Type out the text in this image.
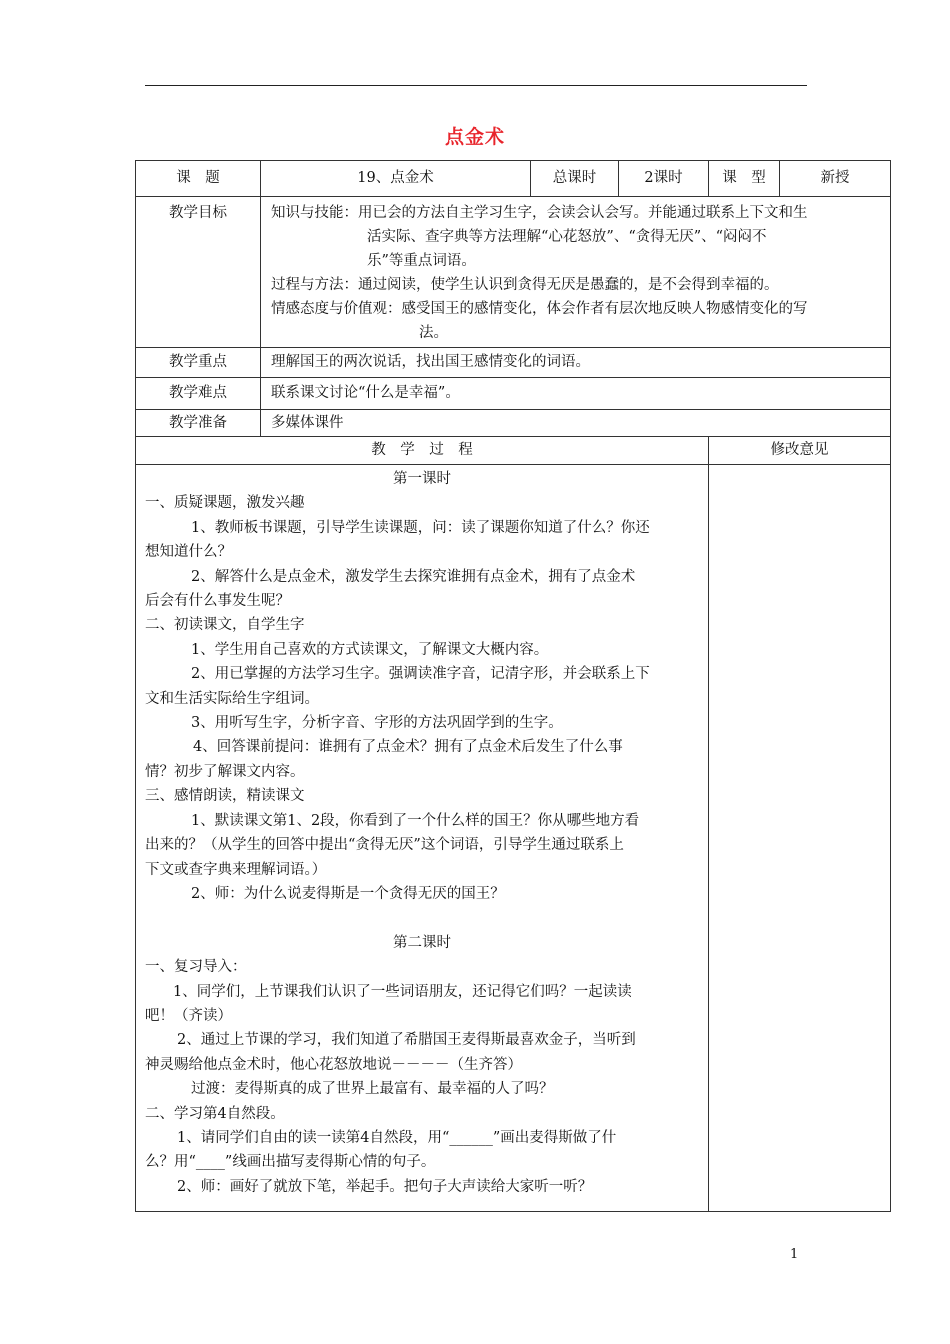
点金术
课　题	19、点金术	总课时	2课时	课　型	新授
教学目标	知识与技能：用已会的方法自主学习生字，会读会认会写。并能通过联系上下文和生
活实际、查字典等方法理解“心花怒放”、“贪得无厌”、“闷闷不
乐”等重点词语。
过程与方法：通过阅读，使学生认识到贪得无厌是愚蠢的，是不会得到幸福的。
情感态度与价值观：感受国王的感情变化，体会作者有层次地反映人物感情变化的写
法。
教学重点	理解国王的两次说话，找出国王感情变化的词语。
教学难点	联系课文讨论“什么是幸福”。
教学准备	多媒体课件
教　学　过　程	修改意见
第一课时
一、质疑课题，激发兴趣
1、教师板书课题，引导学生读课题，问：读了课题你知道了什么？你还
想知道什么？
2、解答什么是点金术，激发学生去探究谁拥有点金术，拥有了点金术
后会有什么事发生呢？
二、初读课文，自学生字
1、学生用自己喜欢的方式读课文，了解课文大概内容。
2、用已掌握的方法学习生字。强调读准字音，记清字形，并会联系上下
文和生活实际给生字组词。
3、用听写生字，分析字音、字形的方法巩固学到的生字。
4、回答课前提问：谁拥有了点金术？拥有了点金术后发生了什么事
情？初步了解课文内容。
三、感情朗读，精读课文
1、默读课文第1、2段，你看到了一个什么样的国王？你从哪些地方看
出来的？（从学生的回答中提出“贪得无厌”这个词语，引导学生通过联系上
下文或查字典来理解词语。）
2、师：为什么说麦得斯是一个贪得无厌的国王？
第二课时
一、复习导入：
1、同学们，上节课我们认识了一些词语朋友，还记得它们吗？一起读读
吧！（齐读）
2、通过上节课的学习，我们知道了希腊国王麦得斯最喜欢金子，当听到
神灵赐给他点金术时，他心花怒放地说－－－－（生齐答）
过渡：麦得斯真的成了世界上最富有、最幸福的人了吗？
二、学习第4自然段。
1、请同学们自由的读一读第4自然段，用“______”画出麦得斯做了什
么？用“____”线画出描写麦得斯心情的句子。
2、师：画好了就放下笔，举起手。把句子大声读给大家听一听？
1
